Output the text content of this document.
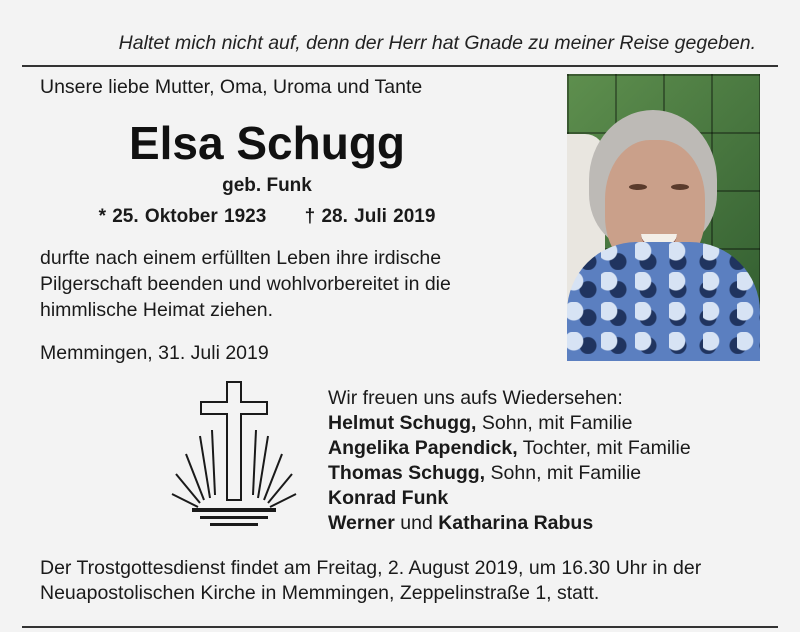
Haltet mich nicht auf, denn der Herr hat Gnade zu meiner Reise gegeben.
Unsere liebe Mutter, Oma, Uroma und Tante
Elsa Schugg
geb. Funk
* 25. Oktober 1923 † 28. Juli 2019
durfte nach einem erfüllten Leben ihre irdische
Pilgerschaft beenden und wohlvorbereitet in die
himmlische Heimat ziehen.
Memmingen, 31. Juli 2019
Wir freuen uns aufs Wiedersehen:
Helmut Schugg, Sohn, mit Familie
Angelika Papendick, Tochter, mit Familie
Thomas Schugg, Sohn, mit Familie
Konrad Funk
Werner und Katharina Rabus
Der Trostgottesdienst findet am Freitag, 2. August 2019, um 16.30 Uhr in der
Neuapostolischen Kirche in Memmingen, Zeppelinstraße 1, statt.
